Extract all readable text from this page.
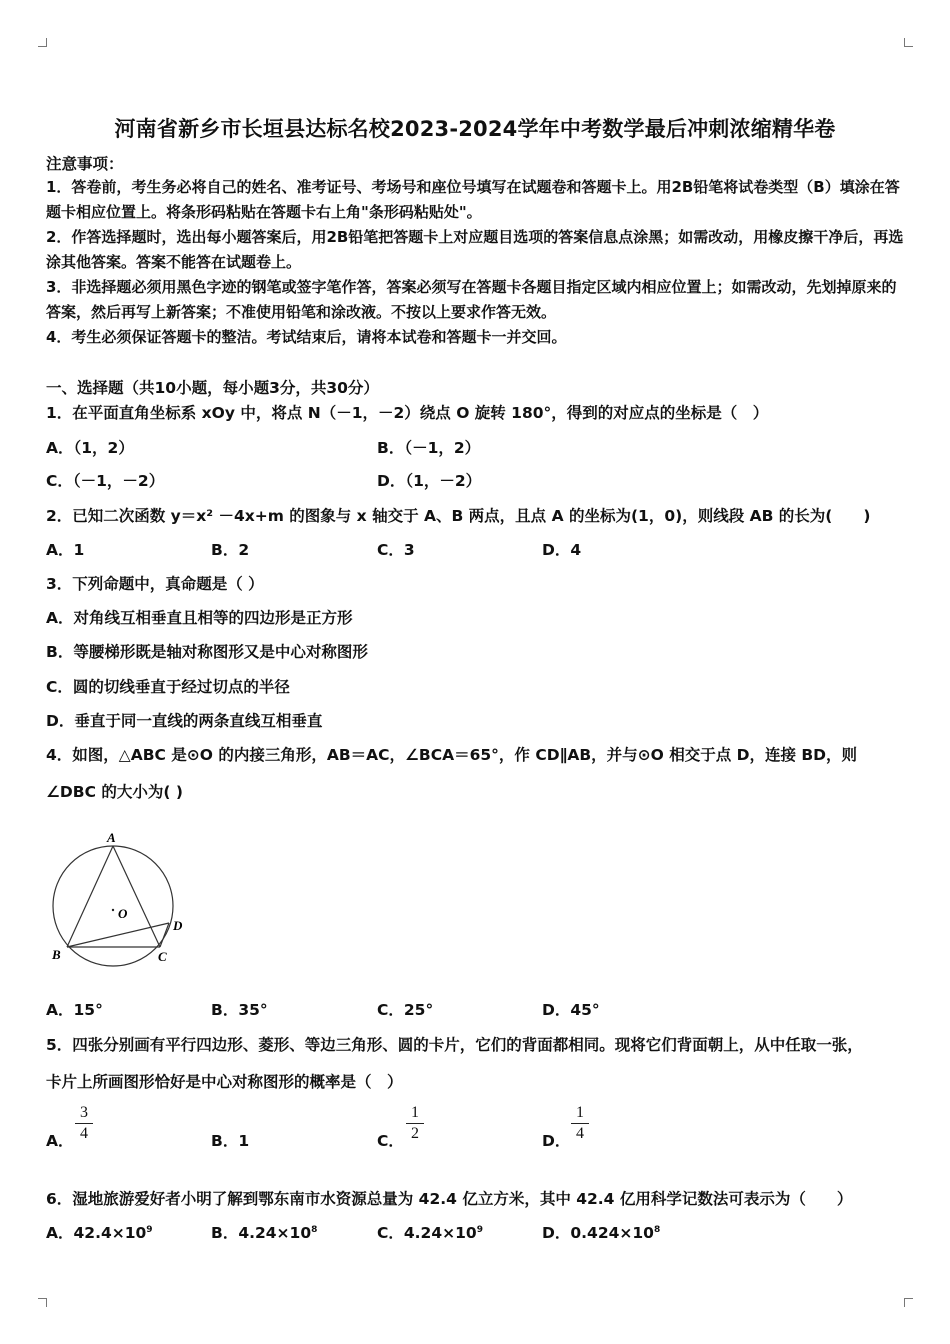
河南省新乡市长垣县达标名校2023-2024学年中考数学最后冲刺浓缩精华卷
注意事项：
1．答卷前，考生务必将自己的姓名、准考证号、考场号和座位号填写在试题卷和答题卡上。用2B铅笔将试卷类型（B）填涂在答题卡相应位置上。将条形码粘贴在答题卡右上角"条形码粘贴处"。
2．作答选择题时，选出每小题答案后，用2B铅笔把答题卡上对应题目选项的答案信息点涂黑；如需改动，用橡皮擦干净后，再选涂其他答案。答案不能答在试题卷上。
3．非选择题必须用黑色字迹的钢笔或签字笔作答，答案必须写在答题卡各题目指定区域内相应位置上；如需改动，先划掉原来的答案，然后再写上新答案；不准使用铅笔和涂改液。不按以上要求作答无效。
4．考生必须保证答题卡的整洁。考试结束后，请将本试卷和答题卡一并交回。
一、选择题（共10小题，每小题3分，共30分）
1．在平面直角坐标系 xOy 中，将点 N（－1，－2）绕点 O 旋转 180°，得到的对应点的坐标是（　）
A．（1，2）	B．（－1，2）
C．（－1，－2）	D．（1，－2）
2．已知二次函数 y＝x² －4x+m 的图象与 x 轴交于 A、B 两点，且点 A 的坐标为(1，0)，则线段 AB 的长为(　　)
A．1	B．2	C．3	D．4
3．下列命题中，真命题是（ ）
A．对角线互相垂直且相等的四边形是正方形
B．等腰梯形既是轴对称图形又是中心对称图形
C．圆的切线垂直于经过切点的半径
D．垂直于同一直线的两条直线互相垂直
4．如图，△ABC 是⊙O 的内接三角形，AB＝AC，∠BCA＝65°，作 CD∥AB，并与⊙O 相交于点 D，连接 BD，则
∠DBC 的大小为( )
A
O
D
B	C
A．15°	B．35°	C．25°	D．45°
5．四张分别画有平行四边形、菱形、等边三角形、圆的卡片，它们的背面都相同。现将它们背面朝上，从中任取一张，
卡片上所画图形恰好是中心对称图形的概率是（　）
A．
3
4	B．1	C．
1
2	D．
1
4
6．湿地旅游爱好者小明了解到鄂东南市水资源总量为 42.4 亿立方米，其中 42.4 亿用科学记数法可表示为（　　）
A．$42.4\times 10^9$	B．$4.24\times 10^8$	C．$4.24\times 10^9$	D．$0.424\times 10^8$
